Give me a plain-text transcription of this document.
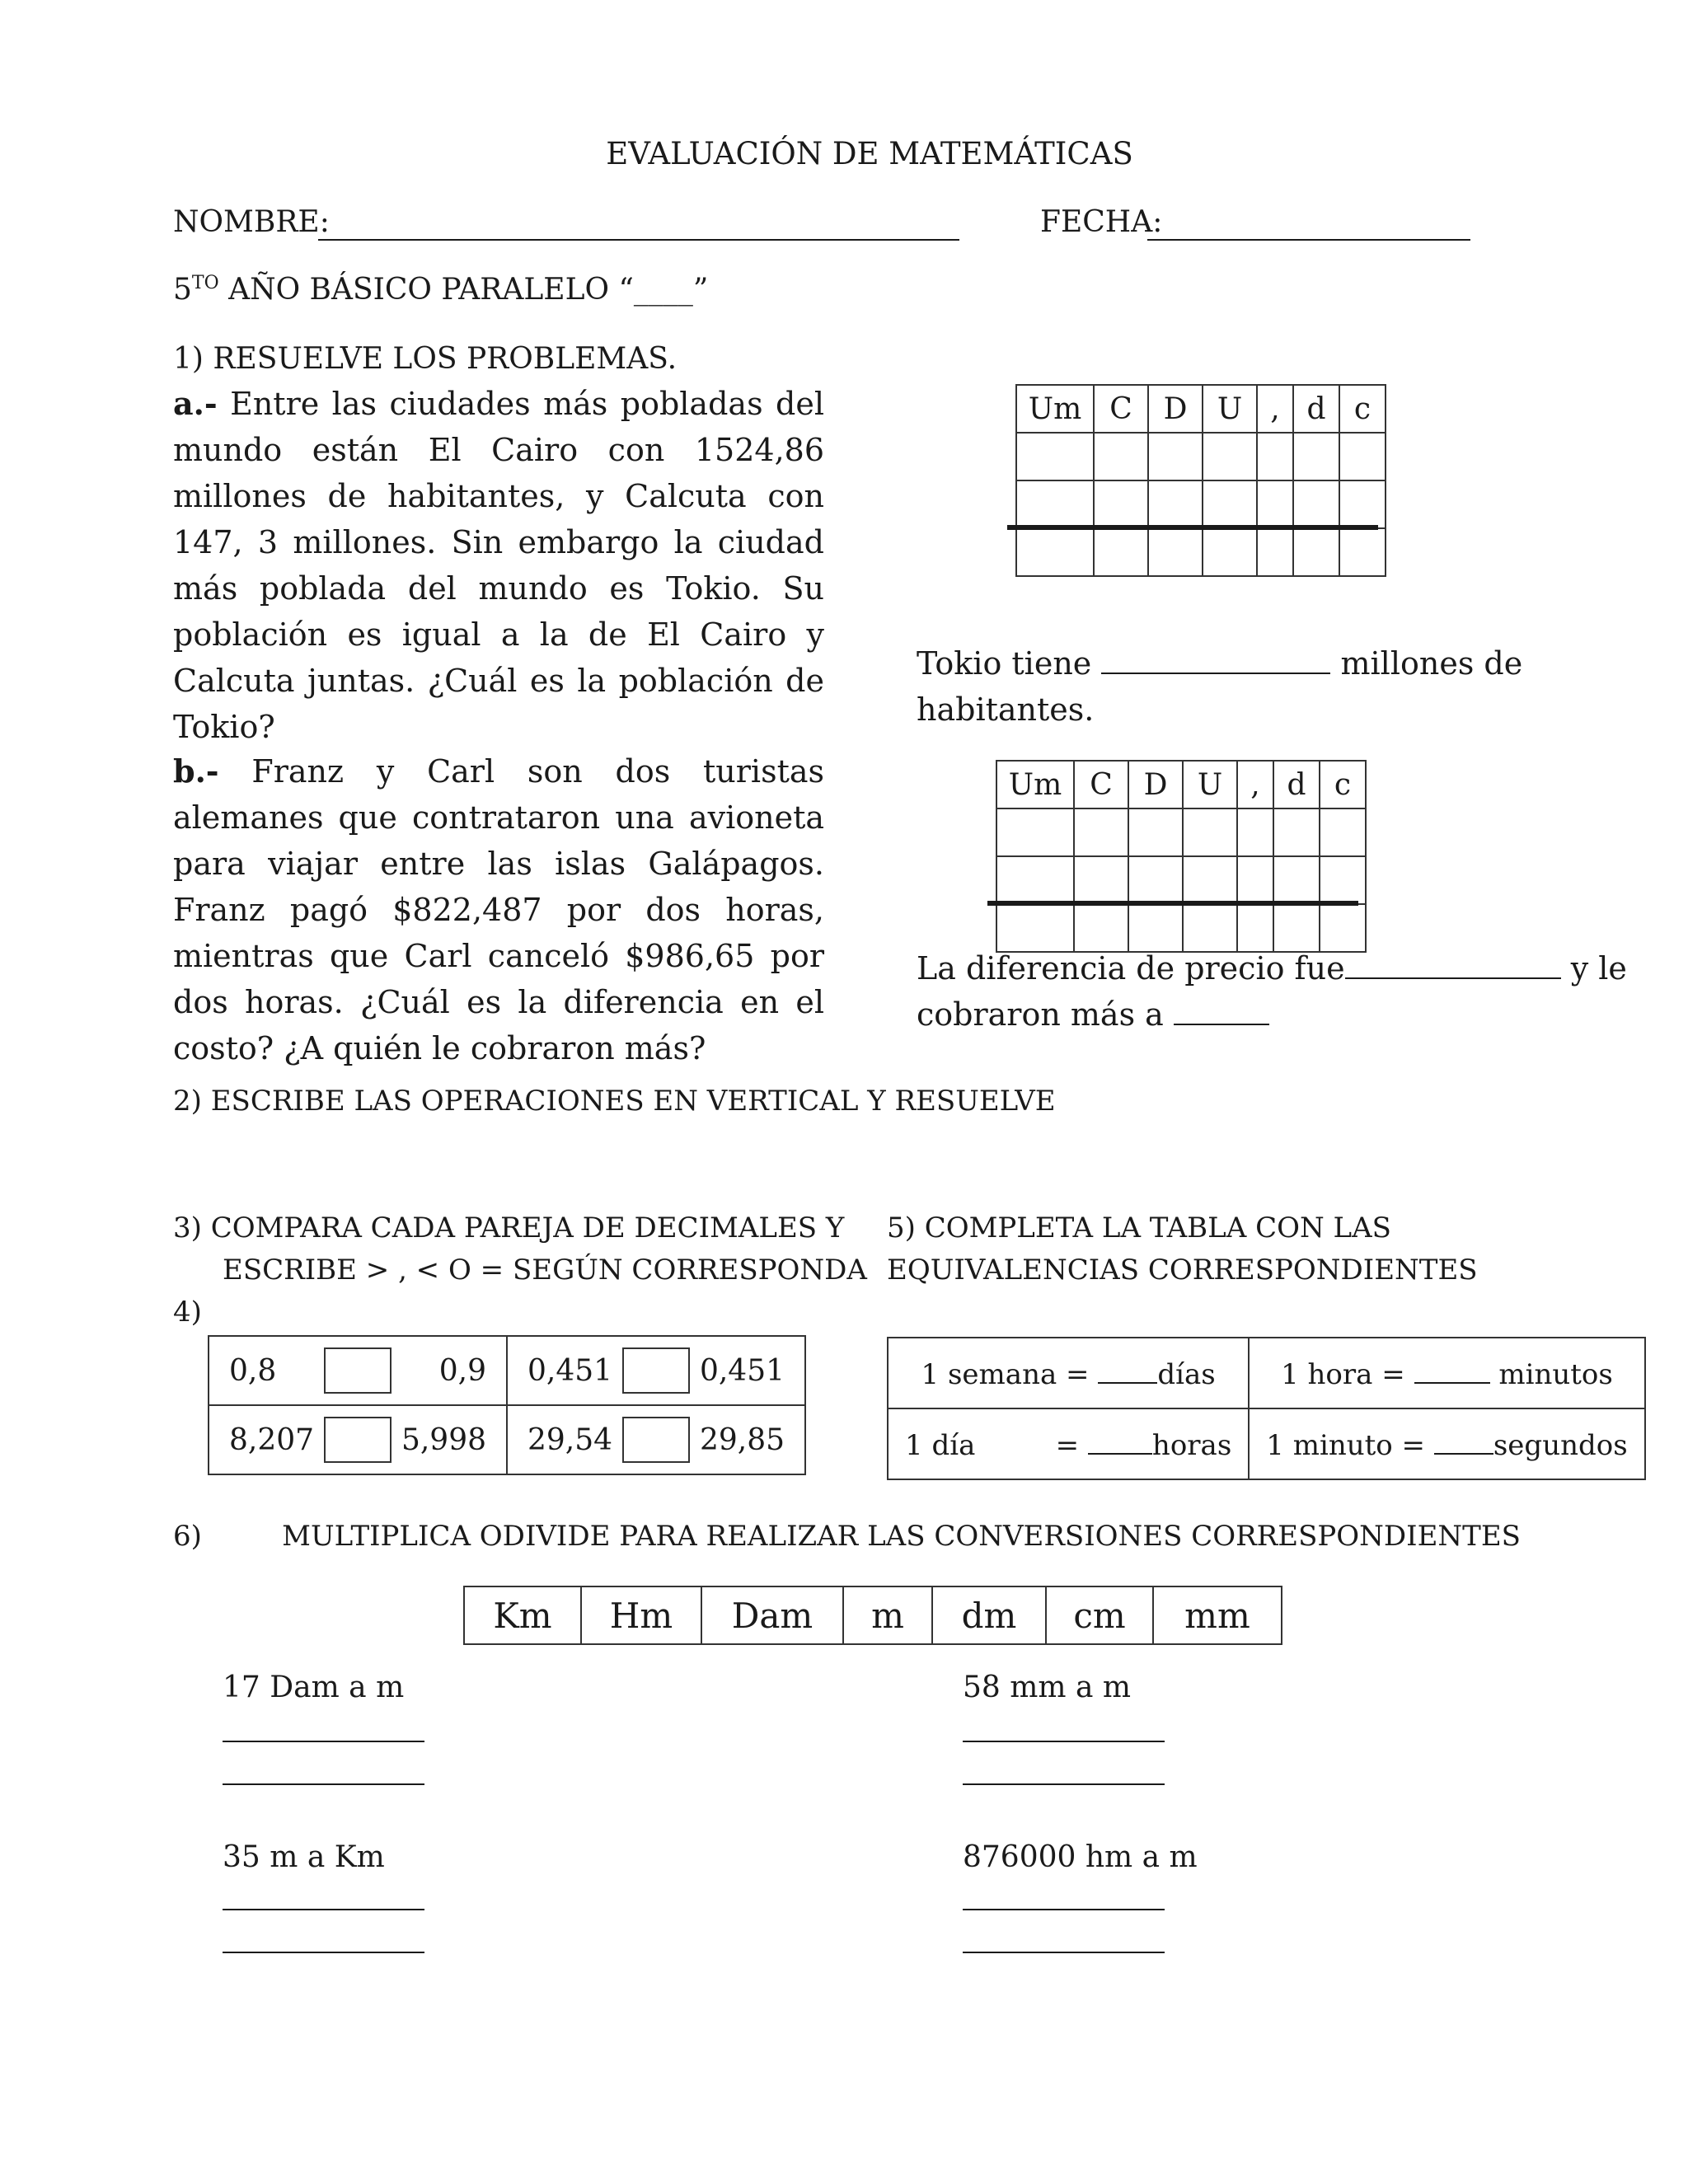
EVALUACIÓN DE MATEMÁTICAS
NOMBRE:	FECHA:
$5^{TO}$ AÑO BÁSICO PARALELO “____”
1) RESUELVE LOS PROBLEMAS.
a.- Entre las ciudades más pobladas del mundo están El Cairo con 1524,86 millones de habitantes, y Calcuta con 147, 3 millones. Sin embargo la ciudad más poblada del mundo es Tokio. Su población es igual a la de El Cairo y Calcuta juntas. ¿Cuál es la población de Tokio?
Um	C	D	U	,	d	c

Tokio tiene	millones de
habitantes.
b.- Franz y Carl son dos turistas alemanes que contrataron una avioneta para viajar entre las islas Galápagos. Franz pagó $822,487 por dos horas, mientras que Carl canceló $986,65 por dos horas. ¿Cuál es la diferencia en el costo? ¿A quién le cobraron más?
Um	C	D	U	,	d	c

La diferencia de precio fue	y le
cobraron más a
2) ESCRIBE LAS OPERACIONES EN VERTICAL Y RESUELVE
3) COMPARA CADA PAREJA DE DECIMALES Y
ESCRIBE > , < O = SEGÚN CORRESPONDA
4)
0,8 0,9	0,451 0,451

8,207 5,998	29,54 29,85
5) COMPLETA LA TABLA CON LAS
EQUIVALENCIAS CORRESPONDIENTES
1 semana = días	1 hora = minutos
1 día         = horas	1 minuto = segundos
6)         MULTIPLICA ODIVIDE PARA REALIZAR LAS CONVERSIONES CORRESPONDIENTES
Km	Hm	Dam	m	dm	cm	mm
17 Dam a m	58 mm a m
35 m a Km	876000 hm a m
